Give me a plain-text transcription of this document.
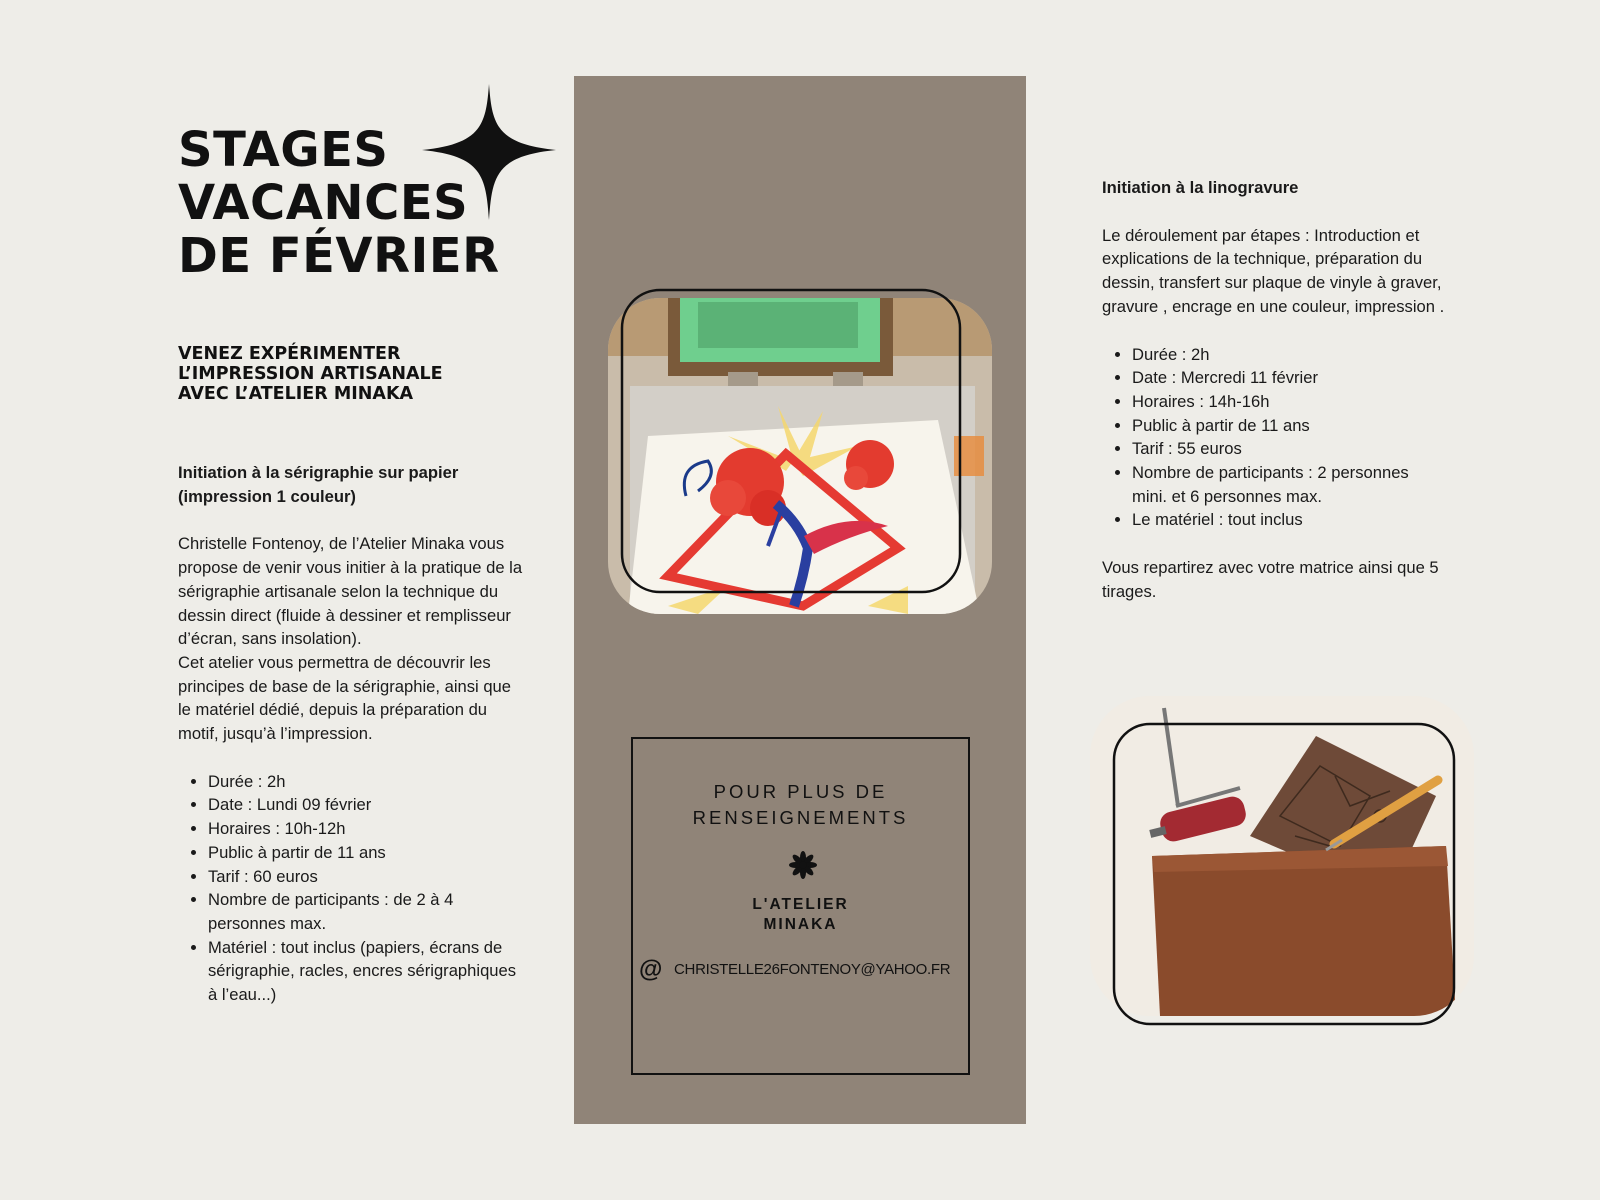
STAGES
VACANCES
DE FÉVRIER
VENEZ EXPÉRIMENTER
L’IMPRESSION ARTISANALE
AVEC L’ATELIER MINAKA

Initiation à la sérigraphie sur papier (impression 1 couleur)

Christelle Fontenoy, de l’Atelier Minaka vous propose de venir vous initier à la pratique de la sérigraphie artisanale selon la technique du dessin direct (fluide à dessiner et remplisseur d’écran, sans insolation).

Cet atelier vous permettra de découvrir les principes de base de la sérigraphie, ainsi que le matériel dédié, depuis la préparation du motif, jusqu’à l’impression.

• Durée : 2h
• Date : Lundi 09 février
• Horaires : 10h-12h
• Public à partir de 11 ans
• Tarif : 60 euros
• Nombre de participants : de 2 à 4 personnes max.
• Matériel : tout inclus (papiers, écrans de sérigraphie, racles, encres sérigraphiques à l’eau...)

POUR PLUS DE
RENSEIGNEMENTS

L'ATELIER
MINAKA

@ CHRISTELLE26FONTENOY@YAHOO.FR

Initiation à la linogravure

Le déroulement par étapes : Introduction et explications de la technique, préparation du dessin, transfert sur plaque de vinyle à graver, gravure , encrage en une couleur, impression .

• Durée : 2h
• Date : Mercredi 11 février
• Horaires : 14h-16h
• Public à partir de 11 ans
• Tarif : 55 euros
• Nombre de participants : 2 personnes mini. et 6 personnes max.
• Le matériel : tout inclus

Vous repartirez avec votre matrice ainsi que 5 tirages.
